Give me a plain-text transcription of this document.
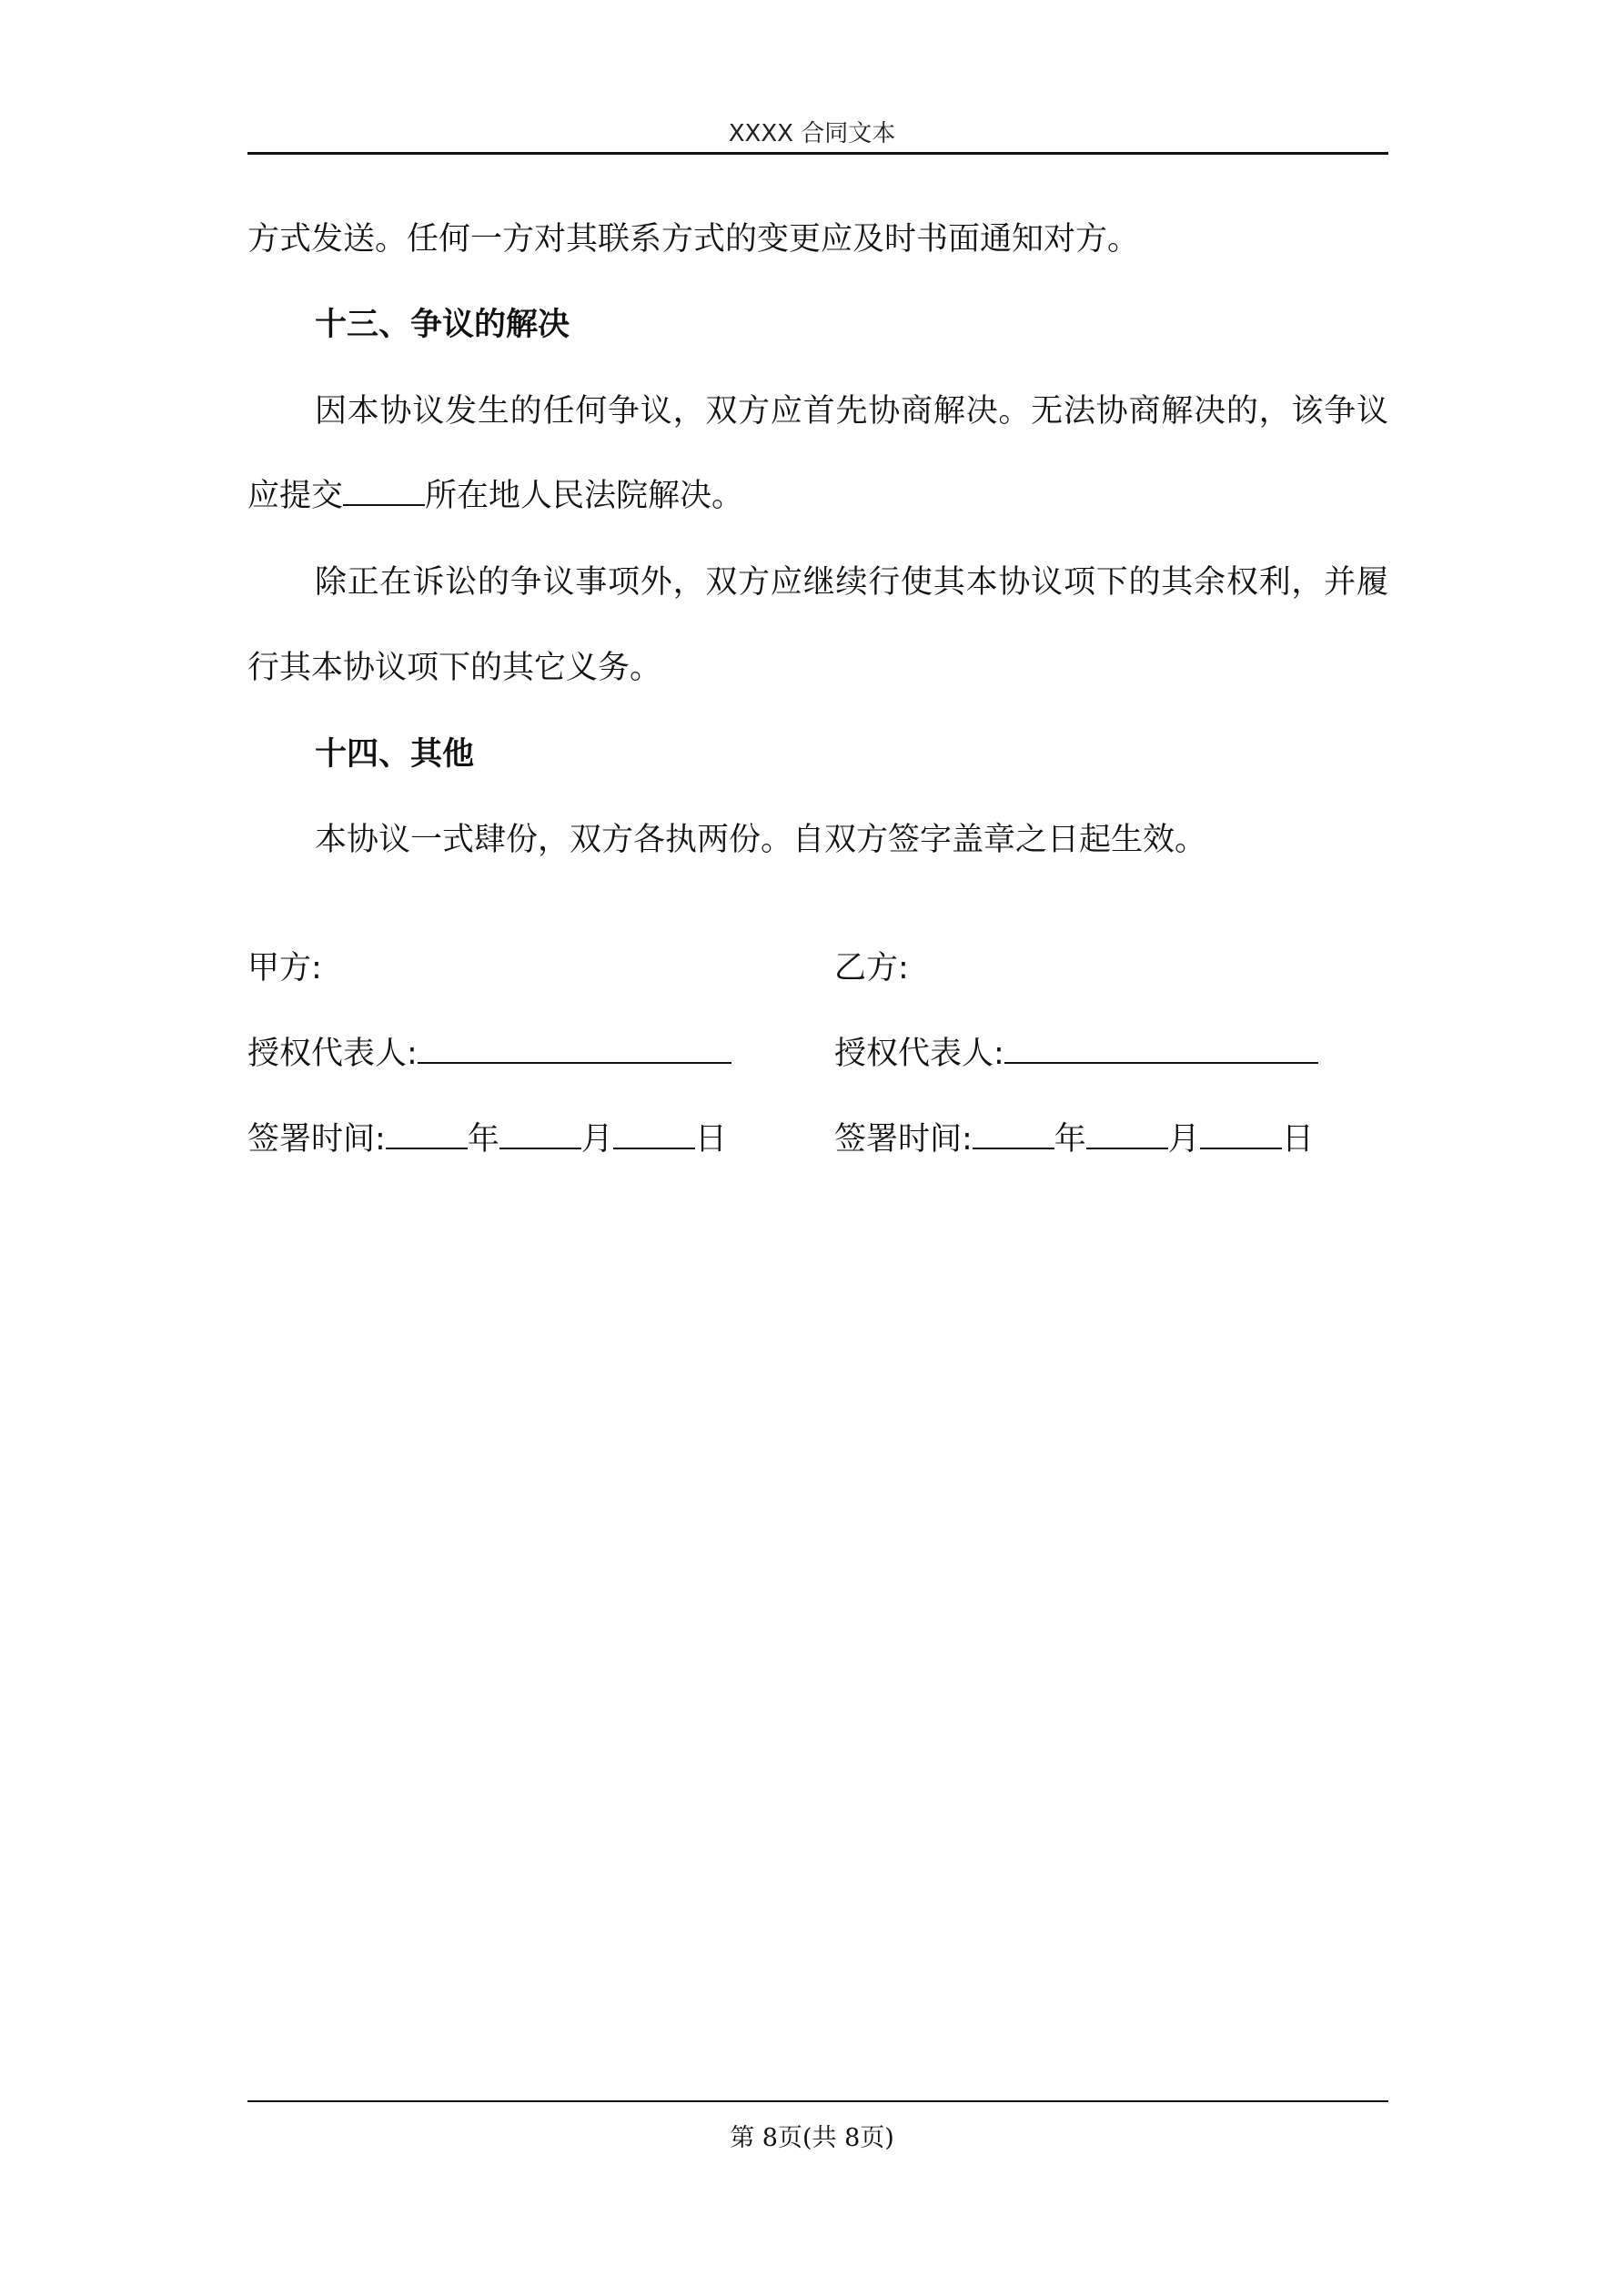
XXXX 合同文本
方式发送。任何一方对其联系方式的变更应及时书面通知对方。
十三、争议的解决
因本协议发生的任何争议，双方应首先协商解决。无法协商解决的，该争议
应提交	所在地人民法院解决。
除正在诉讼的争议事项外，双方应继续行使其本协议项下的其余权利，并履
行其本协议项下的其它义务。
十四、其他
本协议一式肆份，双方各执两份。自双方签字盖章之日起生效。
甲方:	乙方:
授权代表人:	授权代表人:
签署时间:	年	月	日	签署时间:	年	月	日
第 8页(共 8页)
